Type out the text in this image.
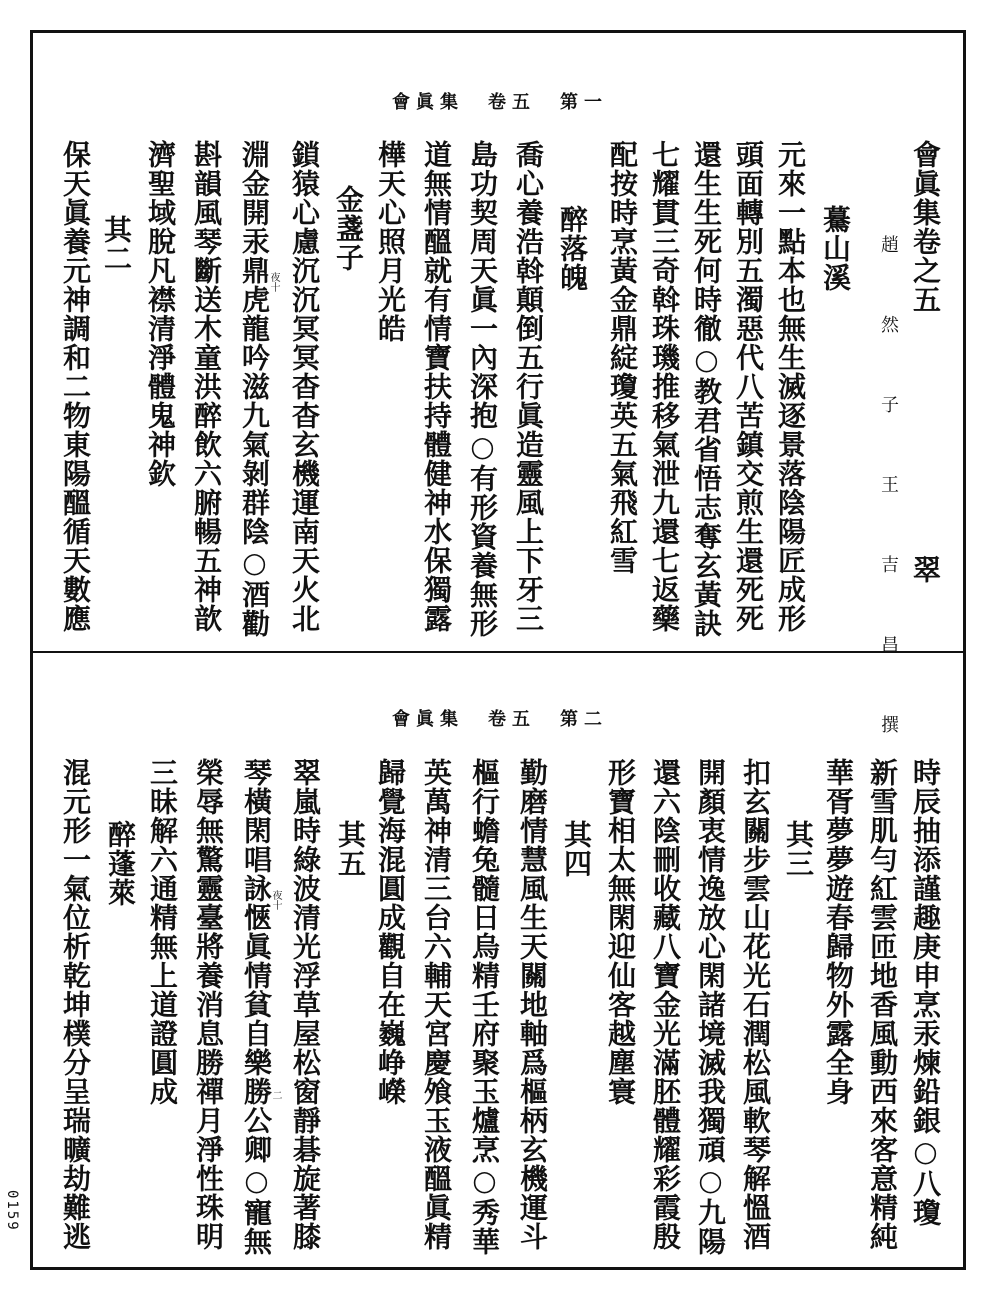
會眞集　卷五　第一
會眞集　卷五　第二
0159
會眞集卷之五
趙　然　子　王　吉　昌　撰 翠
驀山溪
元來一點本也無生滅逐景落陰陽匠成形
頭面轉別五濁惡代八苦鎮交煎生還死死
還生生死何時徹○教君省悟志奪玄黃訣
七耀貫三奇斡珠璣推移氣泄九還七返藥
配按時烹黃金鼎綻瓊英五氣飛紅雪
醉落魄
喬心養浩斡顛倒五行眞造靈風上下牙三
島功契周天眞一內深抱○有形資養無形
道無情醞就有情寶扶持體健神水保獨露
樺天心照月光皓
金盞子
鎖猿心慮沉沉冥冥杳杳玄機運南天火北
淵金開汞鼎虎龍吟滋九氣剝群陰○酒勸
斟韻風琴斷送木童洪醉飲六腑暢五神歆
濟聖域脫凡襟清淨體鬼神欽
其二
保天眞養元神調和二物東陽醞循天數應	夜十
時辰抽添謹趣庚申烹汞煉鉛銀○八瓊
新雪肌勻紅雲匝地香風動西來客意精純
華胥夢夢遊春歸物外露全身
其三
扣玄關步雲山花光石潤松風軟琴解慍酒
開顏衷情逸放心閑諸境滅我獨頑○九陽
還六陰刪收藏八寶金光滿胚體耀彩霞殷
形寶相太無閑迎仙客越塵寰
其四
勤磨情慧風生天關地軸爲樞柄玄機運斗
樞行蟾兔髓日烏精壬府聚玉爐烹○秀華
英萬神清三台六輔天宮慶飧玉液醞眞精
歸覺海混圓成觀自在巍峥嶸
其五
翠嵐時綠波清光浮草屋松窗靜碁旋著膝
琴橫閑唱詠愜眞情貧自樂勝公卿○寵無
榮辱無驚靈臺將養消息勝禪月淨性珠明
三昧解六通精無上道證圓成
醉蓬萊
混元形一氣位析乾坤樸分呈瑞曠劫難逃	夜十
二
